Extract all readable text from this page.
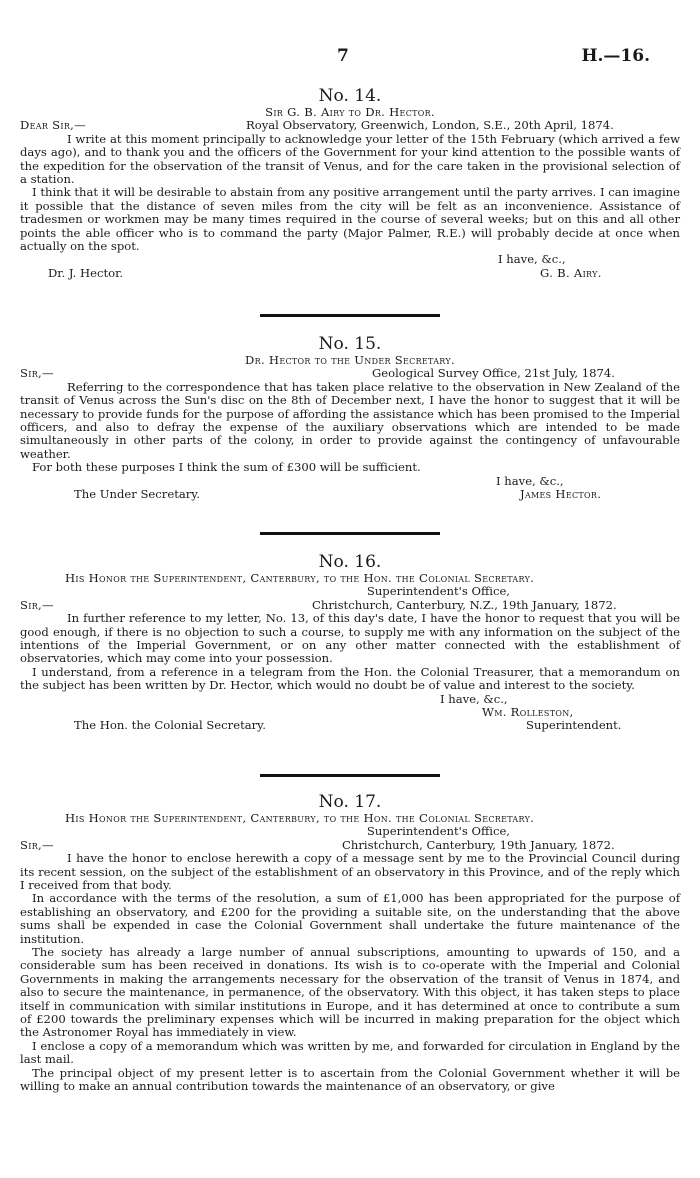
7	H.—16.

No. 14.

Sir G. B. Airy to Dr. Hector.

Dear Sir,—	Royal Observatory, Greenwich, London, S.E., 20th April, 1874.

I write at this moment principally to acknowledge your letter of the 15th February (which arrived a few days ago), and to thank you and the officers of the Government for your kind attention to the possible wants of the expedition for the observation of the transit of Venus, and for the care taken in the provisional selection of a station.

I think that it will be desirable to abstain from any positive arrangement until the party arrives. I can imagine it possible that the distance of seven miles from the city will be felt as an inconvenience. Assistance of tradesmen or workmen may be many times required in the course of several weeks; but on this and all other points the able officer who is to command the party (Major Palmer, R.E.) will probably decide at once when actually on the spot.

I have, &c.,
Dr. J. Hector.	G. B. Airy.

No. 15.

Dr. Hector to the Under Secretary.

Sir,—	Geological Survey Office, 21st July, 1874.

Referring to the correspondence that has taken place relative to the observation in New Zealand of the transit of Venus across the Sun's disc on the 8th of December next, I have the honor to suggest that it will be necessary to provide funds for the purpose of affording the assistance which has been promised to the Imperial officers, and also to defray the expense of the auxiliary observations which are intended to be made simultaneously in other parts of the colony, in order to provide against the contingency of unfavourable weather.

For both these purposes I think the sum of £300 will be sufficient.

I have, &c.,
The Under Secretary.	James Hector.

No. 16.

His Honor the Superintendent, Canterbury, to the Hon. the Colonial Secretary.

Superintendent's Office,

Sir,—	Christchurch, Canterbury, N.Z., 19th January, 1872.

In further reference to my letter, No. 13, of this day's date, I have the honor to request that you will be good enough, if there is no objection to such a course, to supply me with any information on the subject of the intentions of the Imperial Government, or on any other matter connected with the establishment of observatories, which may come into your possession.

I understand, from a reference in a telegram from the Hon. the Colonial Treasurer, that a memorandum on the subject has been written by Dr. Hector, which would no doubt be of value and interest to the society.

I have, &c.,
Wm. Rolleston,
The Hon. the Colonial Secretary.	Superintendent.

No. 17.

His Honor the Superintendent, Canterbury, to the Hon. the Colonial Secretary.

Superintendent's Office,

Sir,—	Christchurch, Canterbury, 19th January, 1872.

I have the honor to enclose herewith a copy of a message sent by me to the Provincial Council during its recent session, on the subject of the establishment of an observatory in this Province, and of the reply which I received from that body.

In accordance with the terms of the resolution, a sum of £1,000 has been appropriated for the purpose of establishing an observatory, and £200 for the providing a suitable site, on the understanding that the above sums shall be expended in case the Colonial Government shall undertake the future maintenance of the institution.

The society has already a large number of annual subscriptions, amounting to upwards of 150, and a considerable sum has been received in donations. Its wish is to co-operate with the Imperial and Colonial Governments in making the arrangements necessary for the observation of the transit of Venus in 1874, and also to secure the maintenance, in permanence, of the observatory. With this object, it has taken steps to place itself in communication with similar institutions in Europe, and it has determined at once to contribute a sum of £200 towards the preliminary expenses which will be incurred in making preparation for the object which the Astronomer Royal has immediately in view.

I enclose a copy of a memorandum which was written by me, and forwarded for circulation in England by the last mail.

The principal object of my present letter is to ascertain from the Colonial Government whether it will be willing to make an annual contribution towards the maintenance of an observatory, or give
